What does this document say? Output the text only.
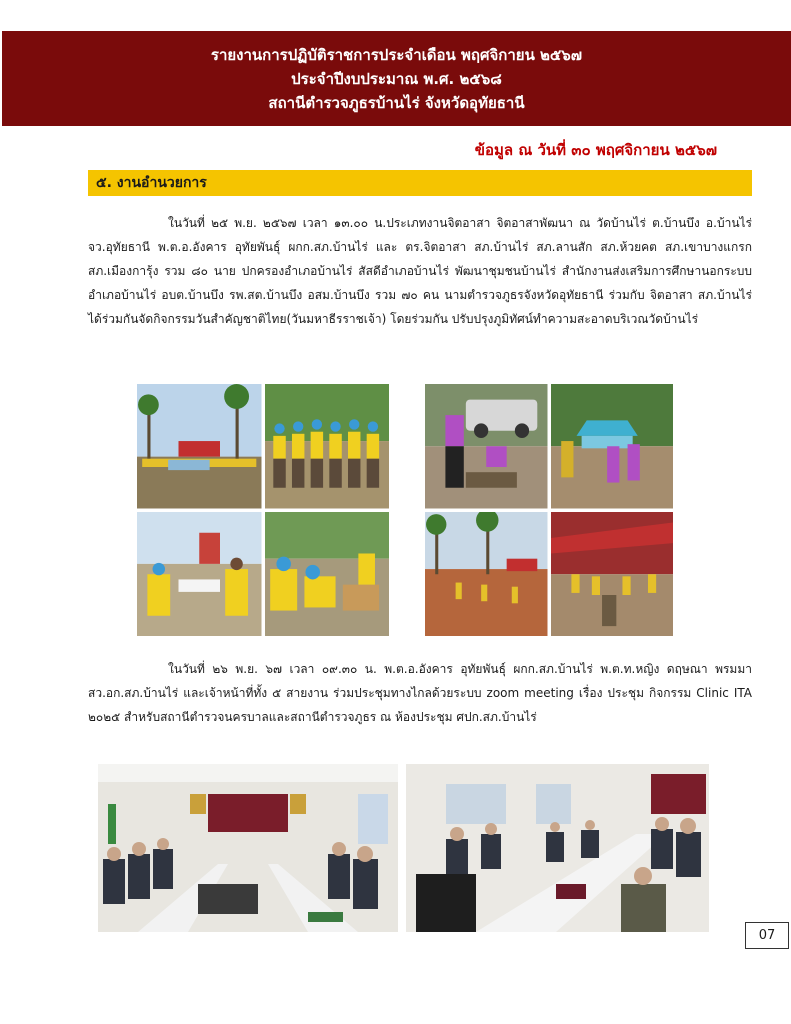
รายงานการปฏิบัติราชการประจำเดือน พฤศจิกายน ๒๕๖๗
ประจำปีงบประมาณ พ.ศ. ๒๕๖๘
สถานีตำรวจภูธรบ้านไร่ จังหวัดอุทัยธานี
ข้อมูล ณ วันที่ ๓๐ พฤศจิกายน ๒๕๖๗
๕. งานอำนวยการ
ในวันที่ ๒๕ พ.ย. ๒๕๖๗ เวลา ๑๓.๐๐ น.ประเภทงานจิตอาสา จิตอาสาพัฒนา ณ วัดบ้านไร่ ต.บ้านบึง อ.บ้านไร่ จว.อุทัยธานี พ.ต.อ.อังคาร อุทัยพันธุ์ ผกก.สภ.บ้านไร่ และ ตร.จิตอาสา สภ.บ้านไร่ สภ.ลานสัก สภ.ห้วยคต สภ.เขาบางแกรก สภ.เมืองการุ้ง รวม ๘๐ นาย ปกครองอำเภอบ้านไร่ สัสดีอำเภอบ้านไร่ พัฒนาชุมชนบ้านไร่ สำนักงานส่งเสริมการศึกษานอกระบบอำเภอบ้านไร่ อบต.บ้านบึง รพ.สต.บ้านบึง อสม.บ้านบึง รวม ๗๐ คน นามตำรวจภูธรจังหวัดอุทัยธานี ร่วมกับ จิตอาสา สภ.บ้านไร่ ได้ร่วมกันจัดกิจกรรมวันสำคัญชาติไทย(วันมหาธีรราชเจ้า) โดยร่วมกัน ปรับปรุงภูมิทัศน์ทำความสะอาดบริเวณวัดบ้านไร่
ในวันที่ ๒๖ พ.ย. ๖๗ เวลา ๐๙.๓๐ น. พ.ต.อ.อังคาร อุทัยพันธุ์ ผกก.สภ.บ้านไร่ พ.ต.ท.หญิง ดฤษณา พรมมา สว.อก.สภ.บ้านไร่ และเจ้าหน้าที่ทั้ง ๕ สายงาน ร่วมประชุมทางไกลด้วยระบบ zoom meeting เรื่อง ประชุม กิจกรรม Clinic ITA ๒๐๒๕ สำหรับสถานีตำรวจนครบาลและสถานีตำรวจภูธร ณ ห้องประชุม ศปก.สภ.บ้านไร่
07
